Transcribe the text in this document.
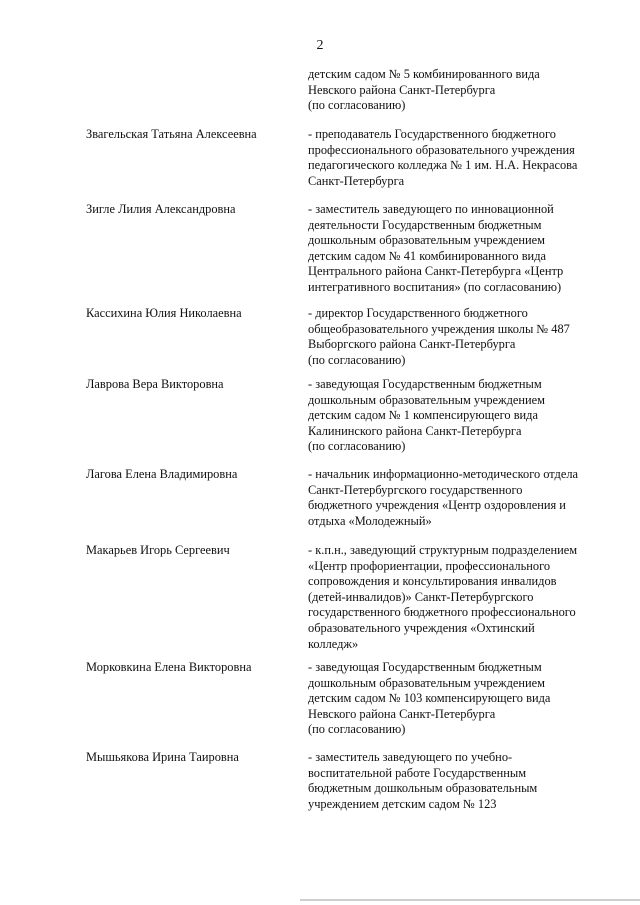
2
детским садом № 5 комбинированного вида
Невского района Санкт-Петербурга
(по согласованию)
Звагельская Татьяна Алексеевна	- преподаватель Государственного бюджетного
профессионального образовательного учреждения
педагогического колледжа № 1 им. Н.А. Некрасова
Санкт-Петербурга
Зигле Лилия Александровна	- заместитель заведующего по инновационной
деятельности Государственным бюджетным
дошкольным образовательным учреждением
детским садом № 41 комбинированного вида
Центрального района Санкт-Петербурга «Центр
интегративного воспитания» (по согласованию)
Кассихина Юлия Николаевна	- директор Государственного бюджетного
общеобразовательного учреждения школы № 487
Выборгского района Санкт-Петербурга
(по согласованию)
Лаврова Вера Викторовна	- заведующая Государственным бюджетным
дошкольным образовательным учреждением
детским садом № 1 компенсирующего вида
Калининского района Санкт-Петербурга
(по согласованию)
Лагова Елена Владимировна	- начальник информационно-методического отдела
Санкт-Петербургского государственного
бюджетного учреждения «Центр оздоровления и
отдыха «Молодежный»
Макарьев Игорь Сергеевич	- к.п.н., заведующий структурным подразделением
«Центр профориентации, профессионального
сопровождения и консультирования инвалидов
(детей-инвалидов)» Санкт-Петербургского
государственного бюджетного профессионального
образовательного учреждения «Охтинский
колледж»
Морковкина Елена Викторовна	- заведующая Государственным бюджетным
дошкольным образовательным учреждением
детским садом № 103 компенсирующего вида
Невского района Санкт-Петербурга
(по согласованию)
Мышьякова Ирина Таировна	- заместитель заведующего по учебно-
воспитательной работе Государственным
бюджетным дошкольным образовательным
учреждением детским садом № 123
